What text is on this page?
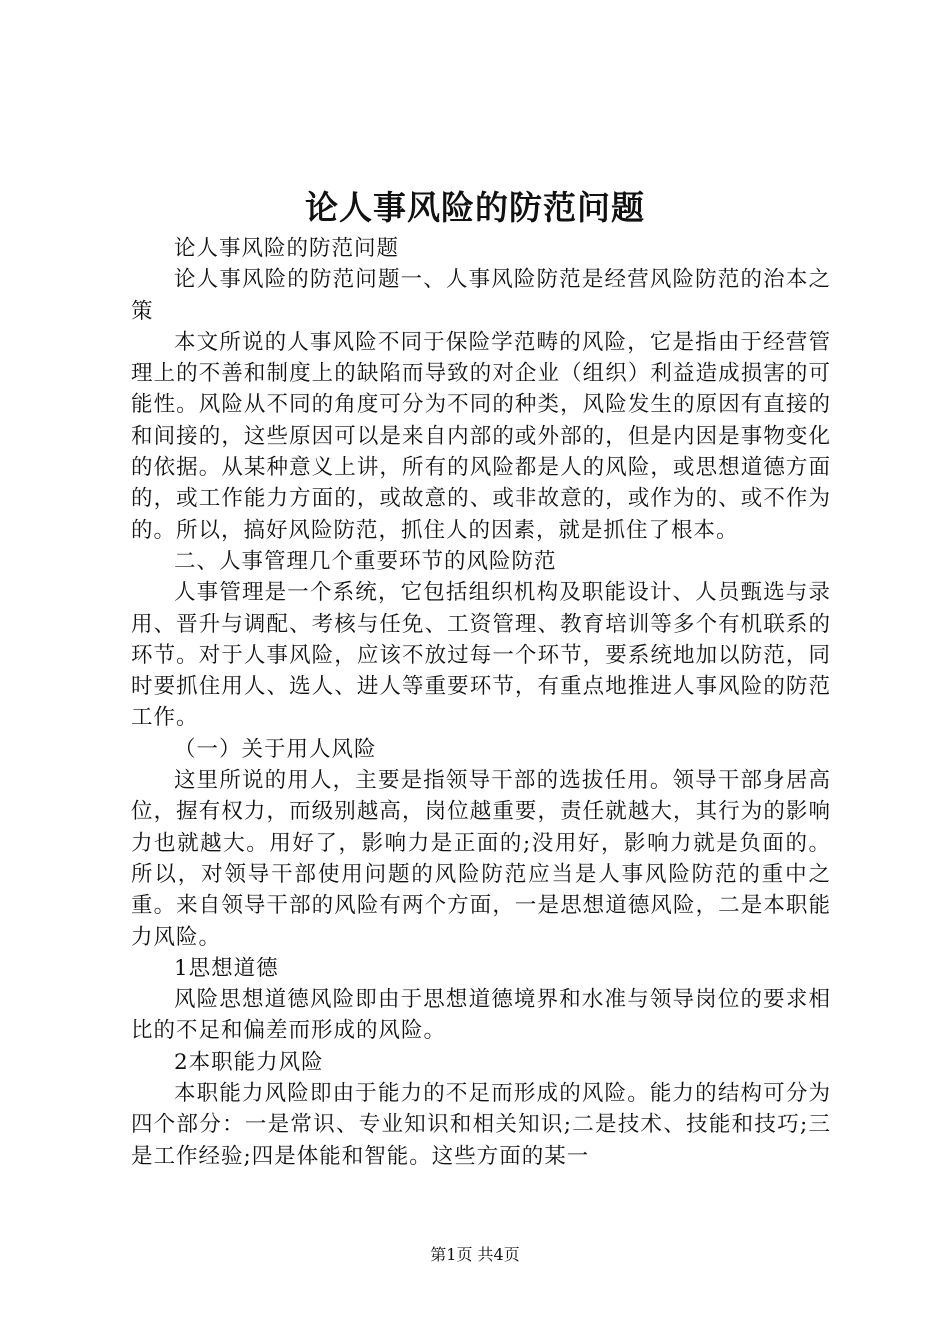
论人事风险的防范问题

论人事风险的防范问题

论人事风险的防范问题一、人事风险防范是经营风险防范的治本之策

本文所说的人事风险不同于保险学范畴的风险，它是指由于经营管理上的不善和制度上的缺陷而导致的对企业（组织）利益造成损害的可能性。风险从不同的角度可分为不同的种类，风险发生的原因有直接的和间接的，这些原因可以是来自内部的或外部的，但是内因是事物变化的依据。从某种意义上讲，所有的风险都是人的风险，或思想道德方面的，或工作能力方面的，或故意的、或非故意的，或作为的、或不作为的。所以，搞好风险防范，抓住人的因素，就是抓住了根本。

二、人事管理几个重要环节的风险防范

人事管理是一个系统，它包括组织机构及职能设计、人员甄选与录用、晋升与调配、考核与任免、工资管理、教育培训等多个有机联系的环节。对于人事风险，应该不放过每一个环节，要系统地加以防范，同时要抓住用人、选人、进人等重要环节，有重点地推进人事风险的防范工作。

（一）关于用人风险

这里所说的用人，主要是指领导干部的选拔任用。领导干部身居高位，握有权力，而级别越高，岗位越重要，责任就越大，其行为的影响力也就越大。用好了，影响力是正面的;没用好，影响力就是负面的。所以，对领导干部使用问题的风险防范应当是人事风险防范的重中之重。来自领导干部的风险有两个方面，一是思想道德风险，二是本职能力风险。

1思想道德

风险思想道德风险即由于思想道德境界和水准与领导岗位的要求相比的不足和偏差而形成的风险。

2本职能力风险

本职能力风险即由于能力的不足而形成的风险。能力的结构可分为四个部分：一是常识、专业知识和相关知识;二是技术、技能和技巧;三是工作经验;四是体能和智能。这些方面的某一

第1页 共4页
